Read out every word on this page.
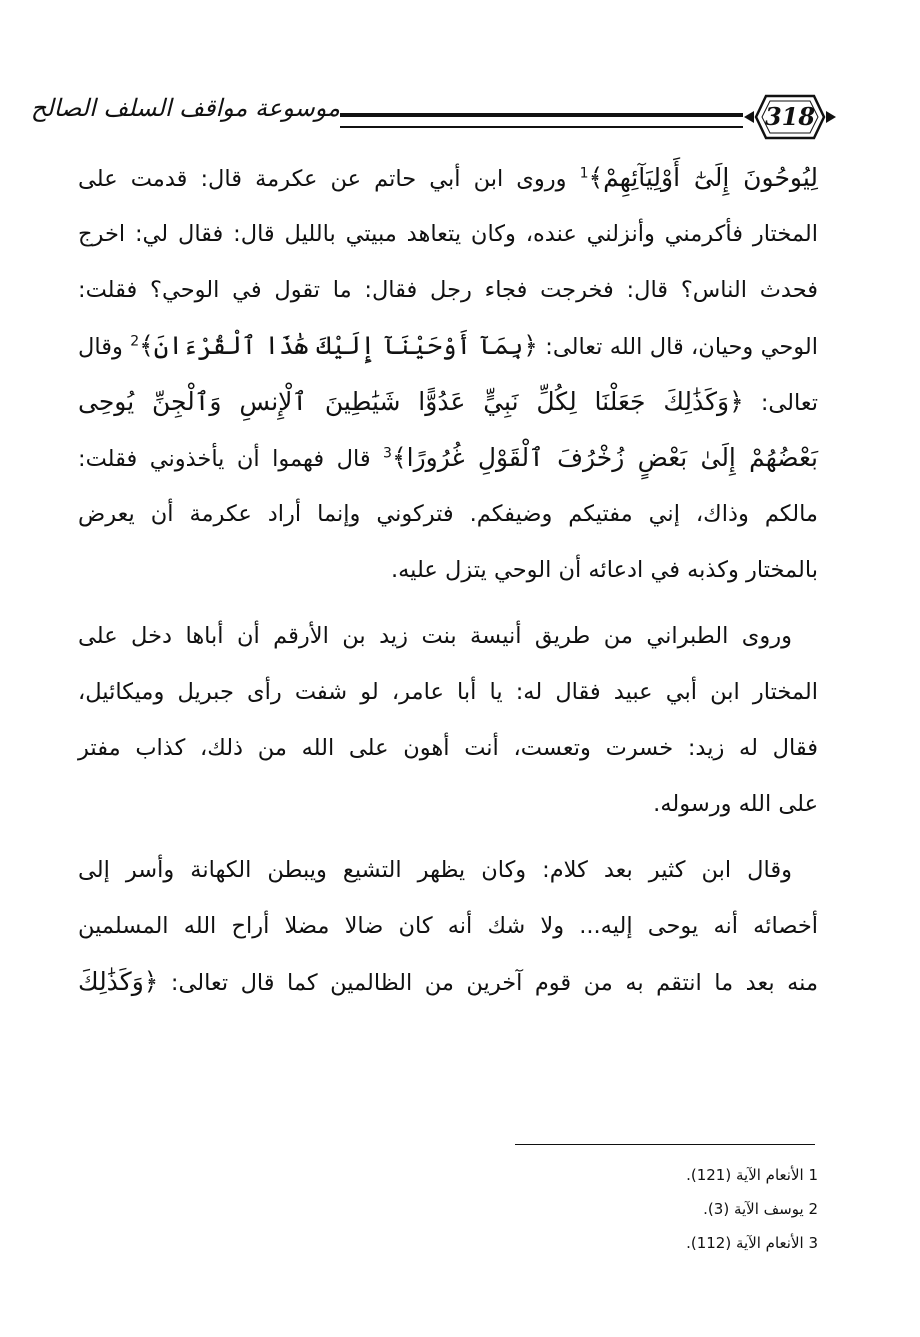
موسوعة مواقف السلف الصالح	318
لِيُوحُونَ إِلَىٰٓ أَوْلِيَآئِهِمْ﴾$^1$ وروى ابن أبي حاتم عن عكرمة قال: قدمت على
المختار فأكرمني وأنزلني عنده، وكان يتعاهد مبيتي بالليل قال: فقال لي: اخرج
فحدث الناس؟ قال: فخرجت فجاء رجل فقال: ما تقول في الوحي؟ فقلت:
الوحي وحيان، قال الله تعالى: ﴿بِمَآ أَوْحَيْنَآ إِلَيْكَ هَٰذَا ٱلْقُرْءَانَ﴾$^2$ وقال
تعالى: ﴿وَكَذَٰلِكَ جَعَلْنَا لِكُلِّ نَبِيٍّ عَدُوًّا شَيَٰطِينَ ٱلْإِنسِ وَٱلْجِنِّ يُوحِى
بَعْضُهُمْ إِلَىٰ بَعْضٍ زُخْرُفَ ٱلْقَوْلِ غُرُورًا﴾$^3$ قال فهموا أن يأخذوني فقلت:
مالكم وذاك، إني مفتيكم وضيفكم. فتركوني وإنما أراد عكرمة أن يعرض
بالمختار وكذبه في ادعائه أن الوحي يتزل عليه.
وروى الطبراني من طريق أنيسة بنت زيد بن الأرقم أن أباها دخل على
المختار ابن أبي عبيد فقال له: يا أبا عامر، لو شفت رأى جبريل وميكائيل،
فقال له زيد: خسرت وتعست، أنت أهون على الله من ذلك، كذاب مفتر
على الله ورسوله.
وقال ابن كثير بعد كلام: وكان يظهر التشيع ويبطن الكهانة وأسر إلى
أخصائه أنه يوحى إليه... ولا شك أنه كان ضالا مضلا أراح الله المسلمين
منه بعد ما انتقم به من قوم آخرين من الظالمين كما قال تعالى: ﴿وَكَذَٰلِكَ
1 الأنعام الآية (121).
2 يوسف الآية (3).
3 الأنعام الآية (112).
